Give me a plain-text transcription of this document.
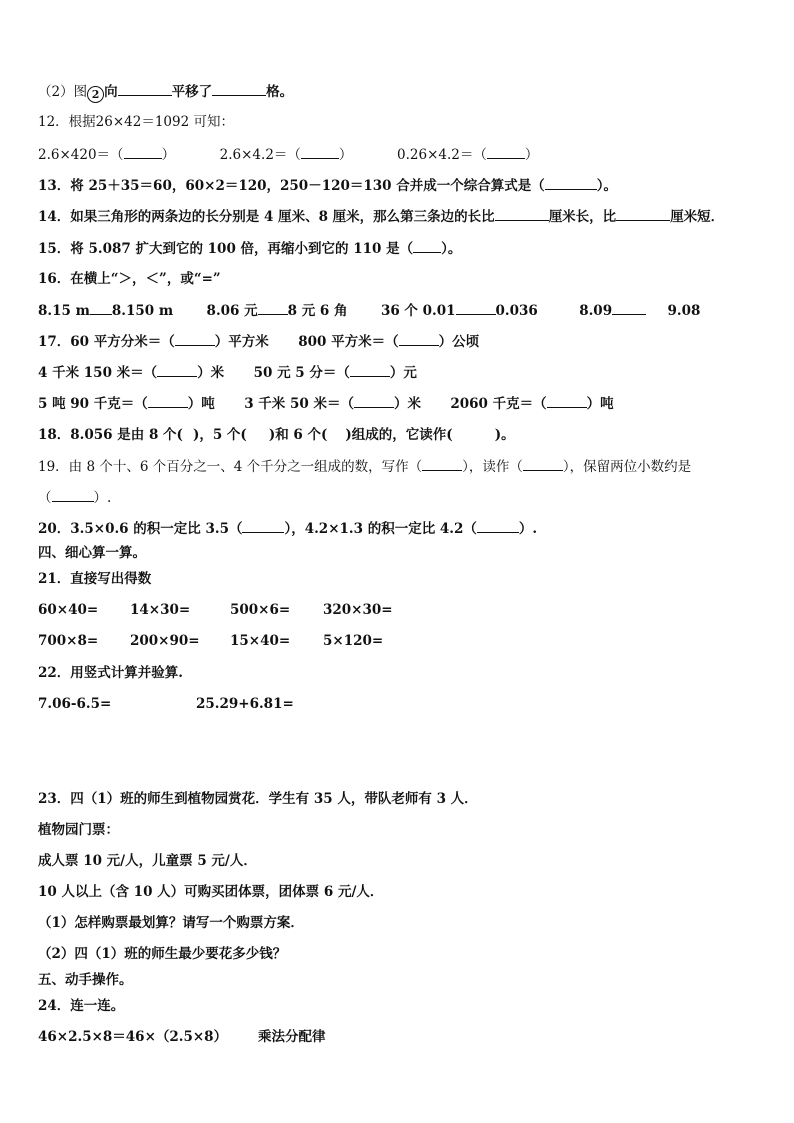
（2）图 2 向	平移了	格。
12．根据26×42＝1092 可知：
2.6×420＝（	）	2.6×4.2＝（	）	0.26×4.2＝（	）
13．将 25＋35＝60，60×2＝120，250－120＝130 合并成一个综合算式是（	）。
14．如果三角形的两条边的长分别是 4 厘米、8 厘米，那么第三条边的长比	厘米长，比	厘米短．
15．将 5.087 扩大到它的 100 倍，再缩小到它的 110 是（ ）。
16．在横上“＞，＜”，或“=”
8.15 m 8.150 m 8.06 元 8 元 6 角 36 个 0.01	0.036	8.09	9.08
17．60 平方分米＝（	）平方米 800 平方米＝（	）公顷
4 千米 150 米＝（	）米 50 元 5 分＝（	）元
5 吨 90 千克＝（	）吨 3 千米 50 米＝（	）米 2060 千克＝（	）吨
18．8.056 是由 8 个( )，5 个( )和 6 个( )组成的，它读作(	)。
19．由 8 个十、6 个百分之一、4 个千分之一组成的数，写作（	），读作（	），保留两位小数约是
（	）.
20．3.5×0.6 的积一定比 3.5（	），4.2×1.3 的积一定比 4.2（	）.
四、细心算一算。
21．直接写出得数
60×40= 14×30=	500×6= 320×30=
700×8= 200×90= 15×40= 5×120=
22．用竖式计算并验算.
7.06-6.5=	25.29+6.81=
23．四（1）班的师生到植物园赏花．学生有 35 人，带队老师有 3 人．
植物园门票：
成人票 10 元/人，儿童票 5 元/人．
10 人以上（含 10 人）可购买团体票，团体票 6 元/人．
（1）怎样购票最划算？请写一个购票方案．
（2）四（1）班的师生最少要花多少钱？
五、动手操作。
24．连一连。
46×2.5×8＝46×（2.5×8） 乘法分配律
